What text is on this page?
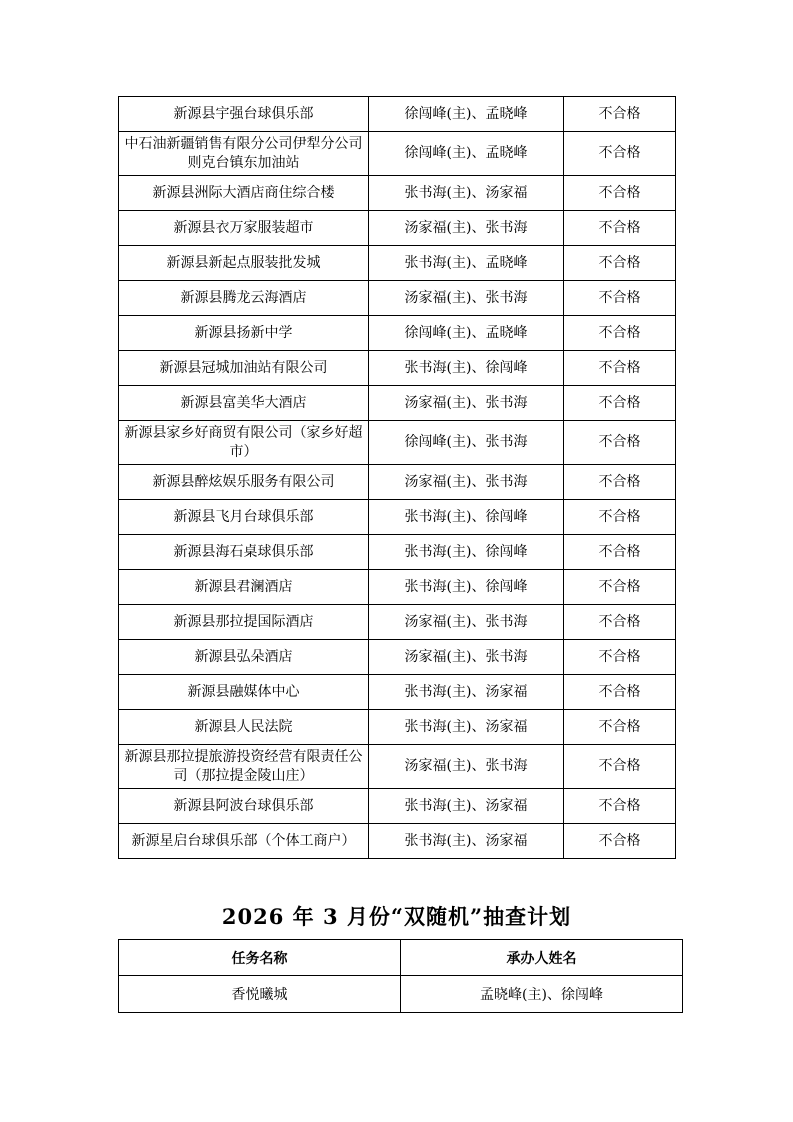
新源县宇强台球俱乐部	徐闯峰(主)、孟晓峰	不合格
中石油新疆销售有限分公司伊犁分公司则克台镇东加油站	徐闯峰(主)、孟晓峰	不合格
新源县洲际大酒店商住综合楼	张书海(主)、汤家福	不合格
新源县衣万家服装超市	汤家福(主)、张书海	不合格
新源县新起点服装批发城	张书海(主)、孟晓峰	不合格
新源县腾龙云海酒店	汤家福(主)、张书海	不合格
新源县扬新中学	徐闯峰(主)、孟晓峰	不合格
新源县冠城加油站有限公司	张书海(主)、徐闯峰	不合格
新源县富美华大酒店	汤家福(主)、张书海	不合格
新源县家乡好商贸有限公司（家乡好超市）	徐闯峰(主)、张书海	不合格
新源县醉炫娱乐服务有限公司	汤家福(主)、张书海	不合格
新源县飞月台球俱乐部	张书海(主)、徐闯峰	不合格
新源县海石桌球俱乐部	张书海(主)、徐闯峰	不合格
新源县君澜酒店	张书海(主)、徐闯峰	不合格
新源县那拉提国际酒店	汤家福(主)、张书海	不合格
新源县弘朵酒店	汤家福(主)、张书海	不合格
新源县融媒体中心	张书海(主)、汤家福	不合格
新源县人民法院	张书海(主)、汤家福	不合格
新源县那拉提旅游投资经营有限责任公司（那拉提金陵山庄）	汤家福(主)、张书海	不合格
新源县阿波台球俱乐部	张书海(主)、汤家福	不合格
新源星启台球俱乐部（个体工商户）	张书海(主)、汤家福	不合格
2026 年 3 月份“双随机”抽查计划
任务名称	承办人姓名
香悦曦城	孟晓峰(主)、徐闯峰
